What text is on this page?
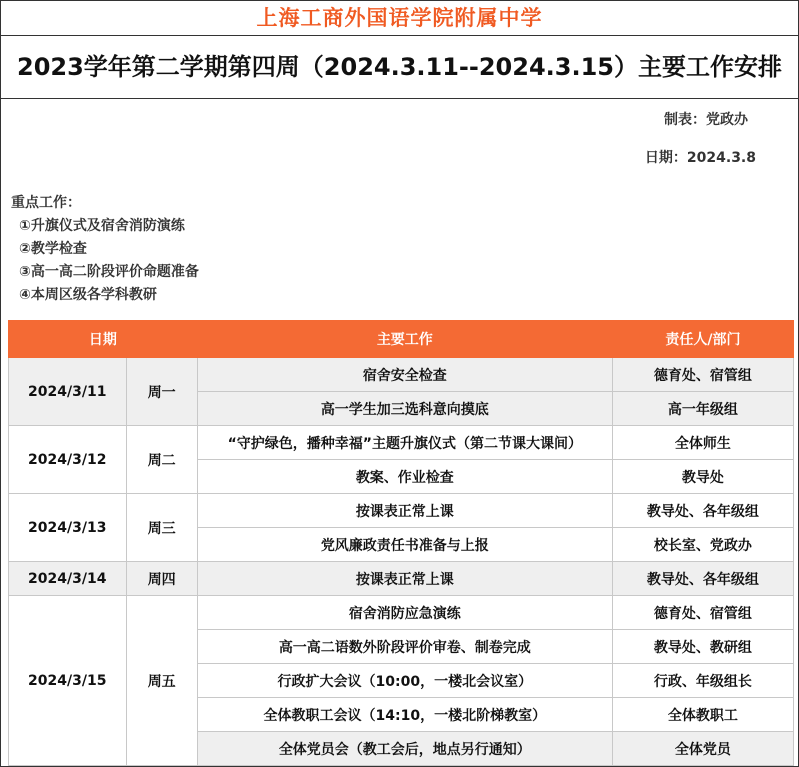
上海工商外国语学院附属中学
2023学年第二学期第四周（2024.3.11--2024.3.15）主要工作安排
制表：党政办
日期：2024.3.8
重点工作：
①升旗仪式及宿舍消防演练
②教学检查
③高一高二阶段评价命题准备
④本周区级各学科教研
日期		主要工作	责任人/部门
2024/3/11	周一	宿舍安全检查	德育处、宿管组
		高一学生加三选科意向摸底	高一年级组
2024/3/12	周二	“守护绿色，播种幸福”主题升旗仪式（第二节课大课间）	全体师生
		教案、作业检查	教导处
2024/3/13	周三	按课表正常上课	教导处、各年级组
		党风廉政责任书准备与上报	校长室、党政办
2024/3/14	周四	按课表正常上课	教导处、各年级组
2024/3/15	周五	宿舍消防应急演练	德育处、宿管组
		高一高二语数外阶段评价审卷、制卷完成	教导处、教研组
		行政扩大会议（10:00，一楼北会议室）	行政、年级组长
		全体教职工会议（14:10，一楼北阶梯教室）	全体教职工
		全体党员会（教工会后，地点另行通知）	全体党员
